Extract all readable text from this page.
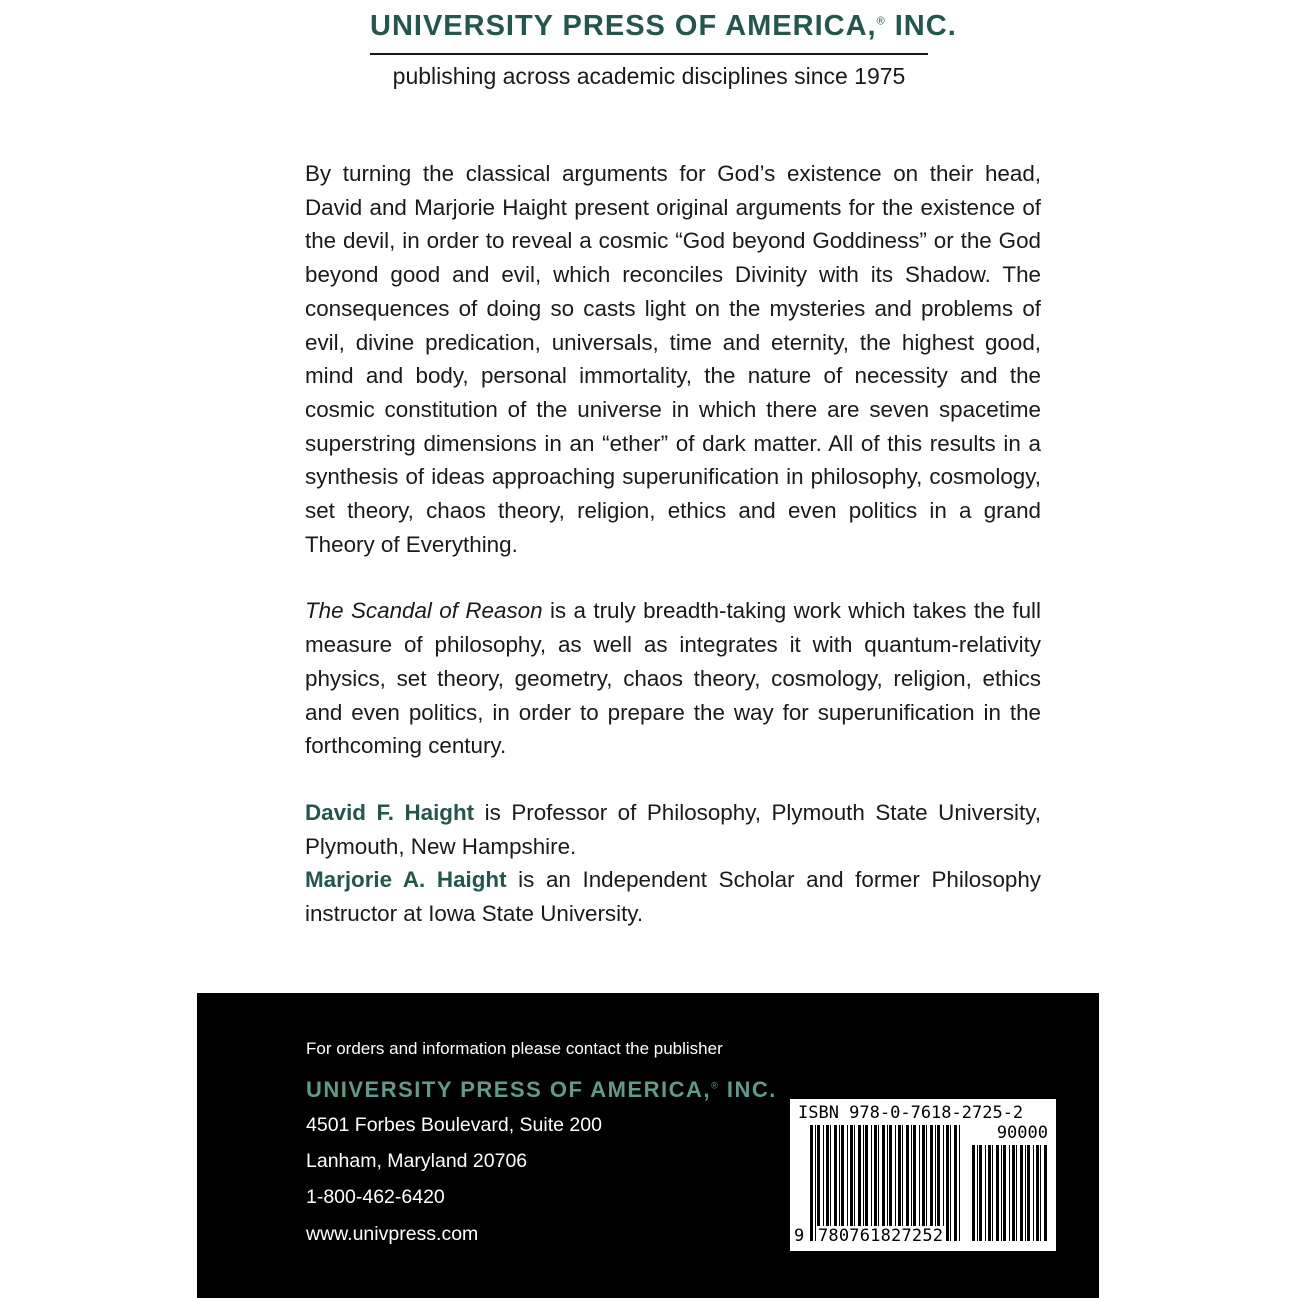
UNIVERSITY PRESS OF AMERICA,® INC.
publishing across academic disciplines since 1975

By turning the classical arguments for God’s existence on their head, David and Marjorie Haight present original arguments for the existence of the devil, in order to reveal a cosmic “God beyond Goddiness” or the God beyond good and evil, which reconciles Divinity with its Shadow. The consequences of doing so casts light on the mysteries and problems of evil, divine predication, universals, time and eternity, the highest good, mind and body, personal immortality, the nature of necessity and the cosmic constitution of the universe in which there are seven spacetime superstring dimensions in an “ether” of dark matter. All of this results in a synthesis of ideas approaching superunification in philosophy, cosmology, set theory, chaos theory, religion, ethics and even politics in a grand Theory of Everything.

The Scandal of Reason is a truly breadth-taking work which takes the full measure of philosophy, as well as integrates it with quantum-relativity physics, set theory, geometry, chaos theory, cosmology, religion, ethics and even politics, in order to prepare the way for superunification in the forthcoming century.

David F. Haight is Professor of Philosophy, Plymouth State University, Plymouth, New Hampshire.

Marjorie A. Haight is an Independent Scholar and former Philosophy instructor at Iowa State University.

For orders and information please contact the publisher
UNIVERSITY PRESS OF AMERICA,® INC.
4501 Forbes Boulevard, Suite 200
Lanham, Maryland 20706
1-800-462-6420
www.univpress.com
ISBN 978-0-7618-2725-2
90000
9 780761827252
